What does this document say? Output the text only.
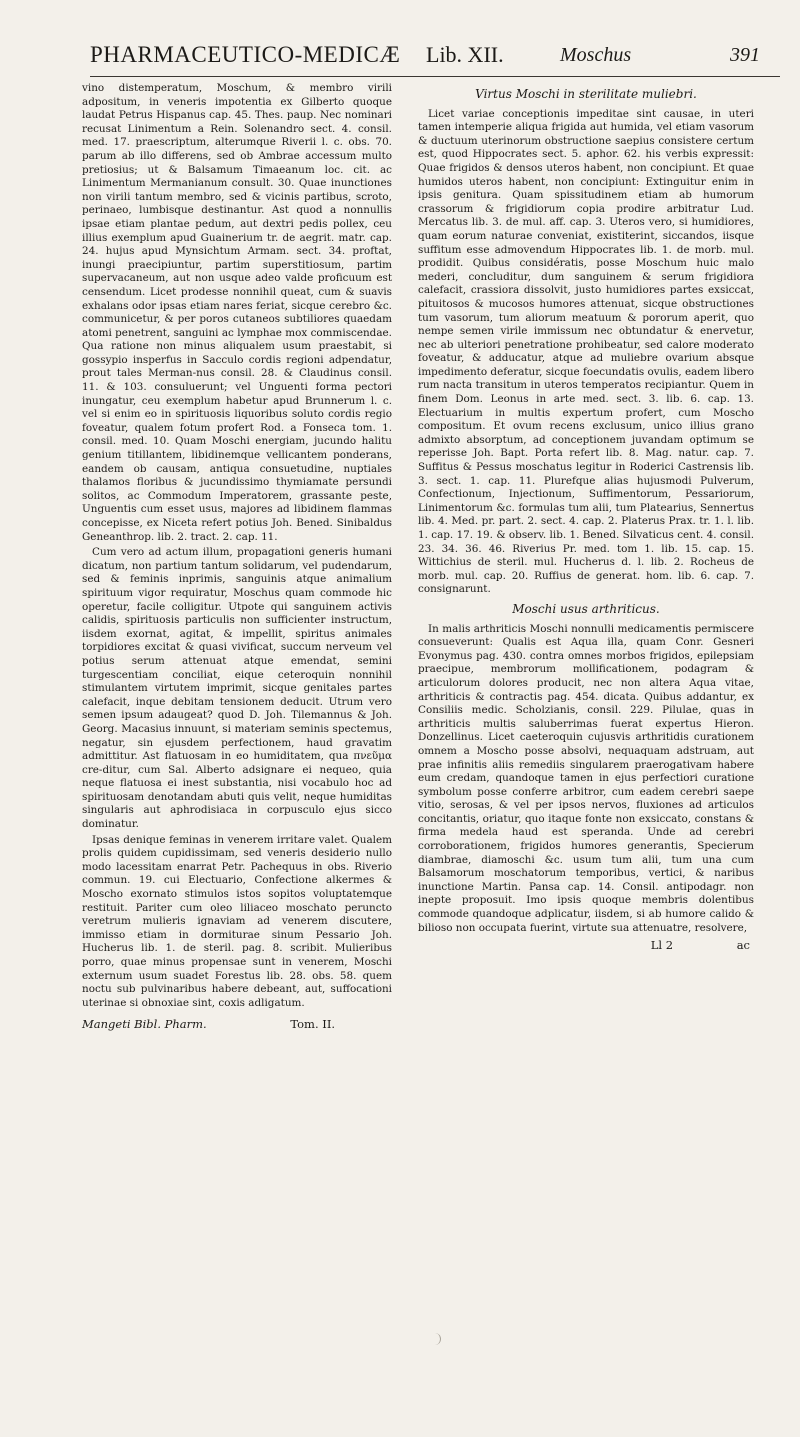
PHARMACEUTICO-MEDICÆ Lib. XII.	Moschus	391

vino distemperatum, Moschum, & membro virili adpositum, in veneris impotentia ex Gilberto quoque laudat Petrus Hispanus cap. 45. Thes. paup. Nec nominari recusat Linimentum a Rein. Solenandro sect. 4. consil. med. 17. praescriptum, alterumque Riverii l. c. obs. 70. parum ab illo differens, sed ob Ambrae accessum multo pretiosius; ut & Balsamum Timaeanum loc. cit. ac Linimentum Mermanianum consult. 30. Quae inunctiones non virili tantum membro, sed & vicinis partibus, scroto, perinaeo, lumbisque destinantur. Ast quod a nonnullis ipsae etiam plantae pedum, aut dextri pedis pollex, ceu illius exemplum apud Guainerium tr. de aegrit. matr. cap. 24. hujus apud Mynsichtum Armam. sect. 34. proftat, inungi praecipiuntur, partim superstitiosum, partim supervacaneum, aut non usque adeo valde proficuum est censendum. Licet prodesse nonnihil queat, cum & suavis exhalans odor ipsas etiam nares feriat, sicque cerebro &c. communicetur, & per poros cutaneos subtiliores quaedam atomi penetrent, sanguini ac lymphae mox commiscendae. Qua ratione non minus aliqualem usum praestabit, si gossypio insperfus in Sacculo cordis regioni adpendatur, prout tales Merman-nus consil. 28. & Claudinus consil. 11. & 103. consuluerunt; vel Unguenti forma pectori inungatur, ceu exemplum habetur apud Brunnerum l. c. vel si enim eo in spirituosis liquoribus soluto cordis regio foveatur, qualem fotum profert Rod. a Fonseca tom. 1. consil. med. 10. Quam Moschi energiam, jucundo halitu genium titillantem, libidinemque vellicantem ponderans, eandem ob causam, antiqua consuetudine, nuptiales thalamos floribus & jucundissimo thymiamate persundi solitos, ac Commodum Imperatorem, grassante peste, Unguentis cum esset usus, majores ad libidinem flammas concepisse, ex Niceta refert potius Joh. Bened. Sinibaldus Geneanthrop. lib. 2. tract. 2. cap. 11.

Cum vero ad actum illum, propagationi generis humani dicatum, non partium tantum solidarum, vel pudendarum, sed & feminis inprimis, sanguinis atque animalium spirituum vigor requiratur, Moschus quam commode hic operetur, facile colligitur. Utpote qui sanguinem activis calidis, spirituosis particulis non sufficienter instructum, iisdem exornat, agitat, & impellit, spiritus animales torpidiores excitat & quasi vivificat, succum nerveum vel potius serum attenuat atque emendat, semini turgescentiam conciliat, eique ceteroquin nonnihil stimulantem virtutem imprimit, sicque genitales partes calefacit, inque debitam tensionem deducit. Utrum vero semen ipsum adaugeat? quod D. Joh. Tilemannus & Joh. Georg. Macasius innuunt, si materiam seminis spectemus, negatur, sin ejusdem perfectionem, haud gravatim admittitur. Ast flatuosam in eo humiditatem, qua πνεῦμα cre-ditur, cum Sal. Alberto adsignare ei nequeo, quia neque flatuosa ei inest substantia, nisi vocabulo hoc ad spirituosam denotandam abuti quis velit, neque humiditas singularis aut aphrodisiaca in corpusculo ejus sicco dominatur.

Ipsas denique feminas in venerem irritare valet. Qualem prolis quidem cupidissimam, sed veneris desiderio nullo modo lacessitam enarrat Petr. Pachequus in obs. Riverio commun. 19. cui Electuario, Confectione alkermes & Moscho exornato stimulos istos sopitos voluptatemque restituit. Pariter cum oleo liliaceo moschato peruncto veretrum mulieris ignaviam ad venerem discutere, immisso etiam in dormiturae sinum Pessario Joh. Hucherus lib. 1. de steril. pag. 8. scribit. Mulieribus porro, quae minus propensae sunt in venerem, Moschi externum usum suadet Forestus lib. 28. obs. 58. quem noctu sub pulvinaribus habere debeant, aut, suffocationi uterinae si obnoxiae sint, coxis adligatum.

Mangeti Bibl. Pharm.	Tom. II.
Virtus Moschi in sterilitate muliebri.

Licet variae conceptionis impeditae sint causae, in uteri tamen intemperie aliqua frigida aut humida, vel etiam vasorum & ductuum uterinorum obstructione saepius consistere certum est, quod Hippocrates sect. 5. aphor. 62. his verbis expressit: Quae frigidos & densos uteros habent, non concipiunt. Et quae humidos uteros habent, non concipiunt: Extinguitur enim in ipsis genitura. Quam spissitudinem etiam ab humorum crassorum & frigidiorum copia prodire arbitratur Lud. Mercatus lib. 3. de mul. aff. cap. 3. Uteros vero, si humidiores, quam eorum naturae conveniat, existiterint, siccandos, iisque suffitum esse admovendum Hippocrates lib. 1. de morb. mul. prodidit. Quibus considératis, posse Moschum huic malo mederi, concluditur, dum sanguinem & serum frigidiora calefacit, crassiora dissolvit, justo humidiores partes exsiccat, pituitosos & mucosos humores attenuat, sicque obstructiones tum vasorum, tum aliorum meatuum & pororum aperit, quo nempe semen virile immissum nec obtundatur & enervetur, nec ab ulteriori penetratione prohibeatur, sed calore moderato foveatur, & adducatur, atque ad muliebre ovarium absque impedimento deferatur, sicque foecundatis ovulis, eadem libero rum nacta transitum in uteros temperatos recipiantur. Quem in finem Dom. Leonus in arte med. sect. 3. lib. 6. cap. 13. Electuarium in multis expertum profert, cum Moscho compositum. Et ovum recens exclusum, unico illius grano admixto absorptum, ad conceptionem juvandam optimum se reperisse Joh. Bapt. Porta refert lib. 8. Mag. natur. cap. 7. Suffitus & Pessus moschatus legitur in Roderici Castrensis lib. 3. sect. 1. cap. 11. Plurefque alias hujusmodi Pulverum, Confectionum, Injectionum, Suffimentorum, Pessariorum, Linimentorum &c. formulas tum alii, tum Platearius, Sennertus lib. 4. Med. pr. part. 2. sect. 4. cap. 2. Platerus Prax. tr. 1. l. lib. 1. cap. 17. 19. & observ. lib. 1. Bened. Silvaticus cent. 4. consil. 23. 34. 36. 46. Riverius Pr. med. tom 1. lib. 15. cap. 15. Wittichius de steril. mul. Hucherus d. l. lib. 2. Rocheus de morb. mul. cap. 20. Ruffius de generat. hom. lib. 6. cap. 7. consignarunt.

Moschi usus arthriticus.

In malis arthriticis Moschi nonnulli medicamentis permiscere consueverunt: Qualis est Aqua illa, quam Conr. Gesneri Evonymus pag. 430. contra omnes morbos frigidos, epilepsiam praecipue, membrorum mollificationem, podagram & articulorum dolores producit, nec non altera Aqua vitae, arthriticis & contractis pag. 454. dicata. Quibus addantur, ex Consiliis medic. Scholzianis, consil. 229. Pilulae, quas in arthriticis multis saluberrimas fuerat expertus Hieron. Donzellinus. Licet caeteroquin cujusvis arthritidis curationem omnem a Moscho posse absolvi, nequaquam adstruam, aut prae infinitis aliis remediis singularem praerogativam habere eum credam, quandoque tamen in ejus perfectiori curatione symbolum posse conferre arbitror, cum eadem cerebri saepe vitio, serosas, & vel per ipsos nervos, fluxiones ad articulos concitantis, oriatur, quo itaque fonte non exsiccato, constans & firma medela haud est speranda. Unde ad cerebri corroborationem, frigidos humores generantis, Specierum diambrae, diamoschi &c. usum tum alii, tum una cum Balsamorum moschatorum temporibus, vertici, & naribus inunctione Martin. Pansa cap. 14. Consil. antipodagr. non inepte proposuit. Imo ipsis quoque membris dolentibus commode quandoque adplicatur, iisdem, si ab humore calido & bilioso non occupata fuerint, virtute sua attenuatre, resolvere,

Ll 2	ac
